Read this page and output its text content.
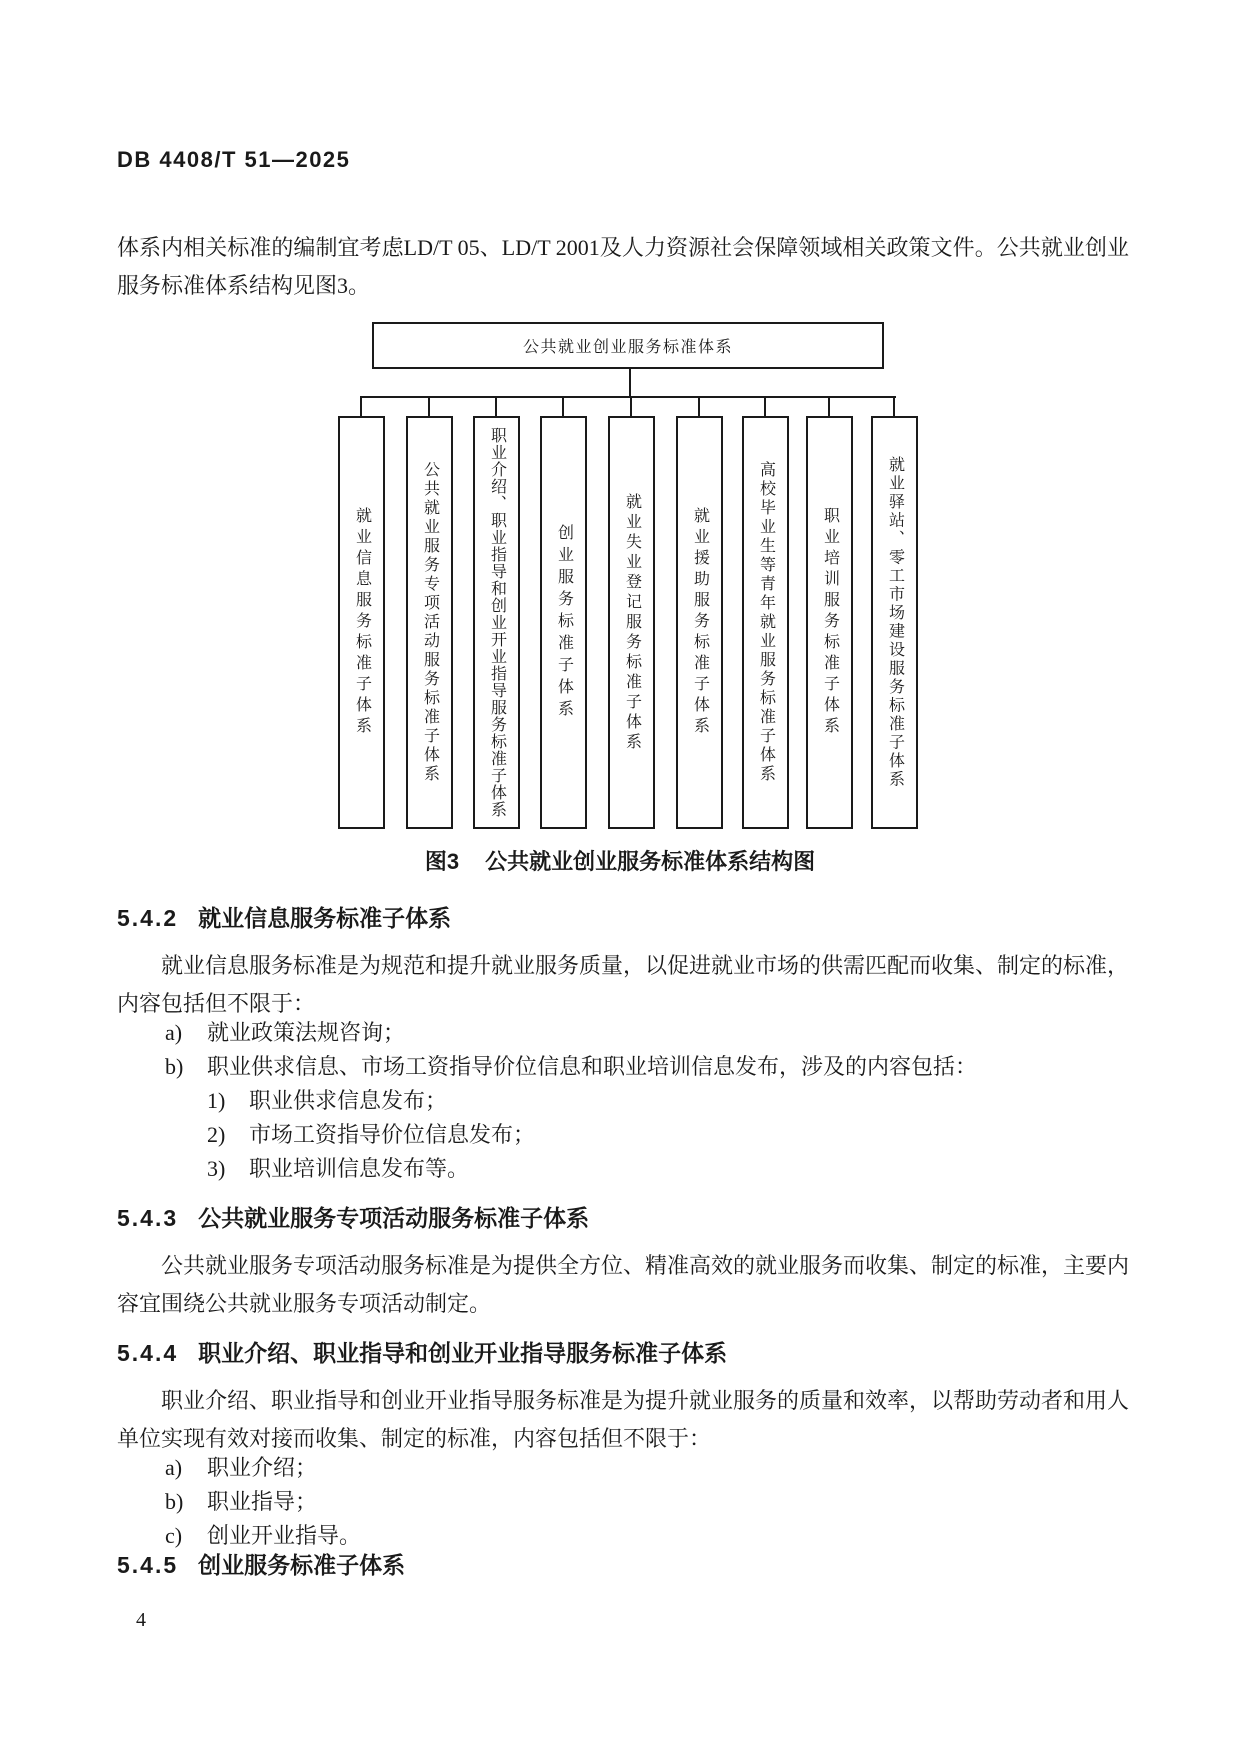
DB 4408/T 51—2025
体系内相关标准的编制宜考虑LD/T 05、LD/T 2001及人力资源社会保障领域相关政策文件。公共就业创业服务标准体系结构见图3。
公共就业创业服务标准体系
就业信息服务标准子体系	公共就业服务专项活动服务标准子体系	职业介绍、职业指导和创业开业指导服务标准子体系	创业服务标准子体系	就业失业登记服务标准子体系	就业援助服务标准子体系	高校毕业生等青年就业服务标准子体系	职业培训服务标准子体系	就业驿站、零工市场建设服务标准子体系
图3 公共就业创业服务标准体系结构图
5.4.2 就业信息服务标准子体系
就业信息服务标准是为规范和提升就业服务质量，以促进就业市场的供需匹配而收集、制定的标准，内容包括但不限于：
a) 就业政策法规咨询；
b) 职业供求信息、市场工资指导价位信息和职业培训信息发布，涉及的内容包括：
1) 职业供求信息发布；
2) 市场工资指导价位信息发布；
3) 职业培训信息发布等。
5.4.3 公共就业服务专项活动服务标准子体系
公共就业服务专项活动服务标准是为提供全方位、精准高效的就业服务而收集、制定的标准，主要内容宜围绕公共就业服务专项活动制定。
5.4.4 职业介绍、职业指导和创业开业指导服务标准子体系
职业介绍、职业指导和创业开业指导服务标准是为提升就业服务的质量和效率，以帮助劳动者和用人单位实现有效对接而收集、制定的标准，内容包括但不限于：
a) 职业介绍；
b) 职业指导；
c) 创业开业指导。
5.4.5 创业服务标准子体系
4
